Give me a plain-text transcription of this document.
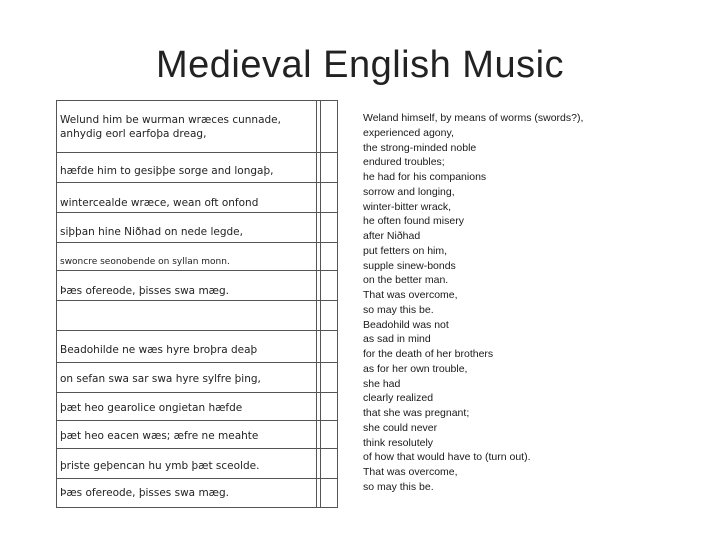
Medieval English Music
Welund him be wurman wræces cunnade,
anhydig eorl earfoþa dreag,
hæfde him to gesiþþe sorge and longaþ,
wintercealde wræce, wean oft onfond
siþþan hine Niðhad on nede legde,
swoncre seonobende on syllan monn.
Þæs ofereode, þisses swa mæg.
Beadohilde ne wæs hyre broþra deaþ
on sefan swa sar swa hyre sylfre þing,
þæt heo gearolice ongietan hæfde
þæt heo eacen wæs; æfre ne meahte
þriste geþencan hu ymb þæt sceolde.
Þæs ofereode, þisses swa mæg.
Weland himself, by means of worms (swords?),
experienced agony,
the strong-minded noble
endured troubles;
he had for his companions
sorrow and longing,
winter-bitter wrack,
he often found misery
after Niðhad
put fetters on him,
supple sinew-bonds
on the better man.
That was overcome,
so may this be.
Beadohild was not
as sad in mind
for the death of her brothers
as for her own trouble,
she had
clearly realized
that she was pregnant;
she could never
think resolutely
of how that would have to (turn out).
That was overcome,
so may this be.
